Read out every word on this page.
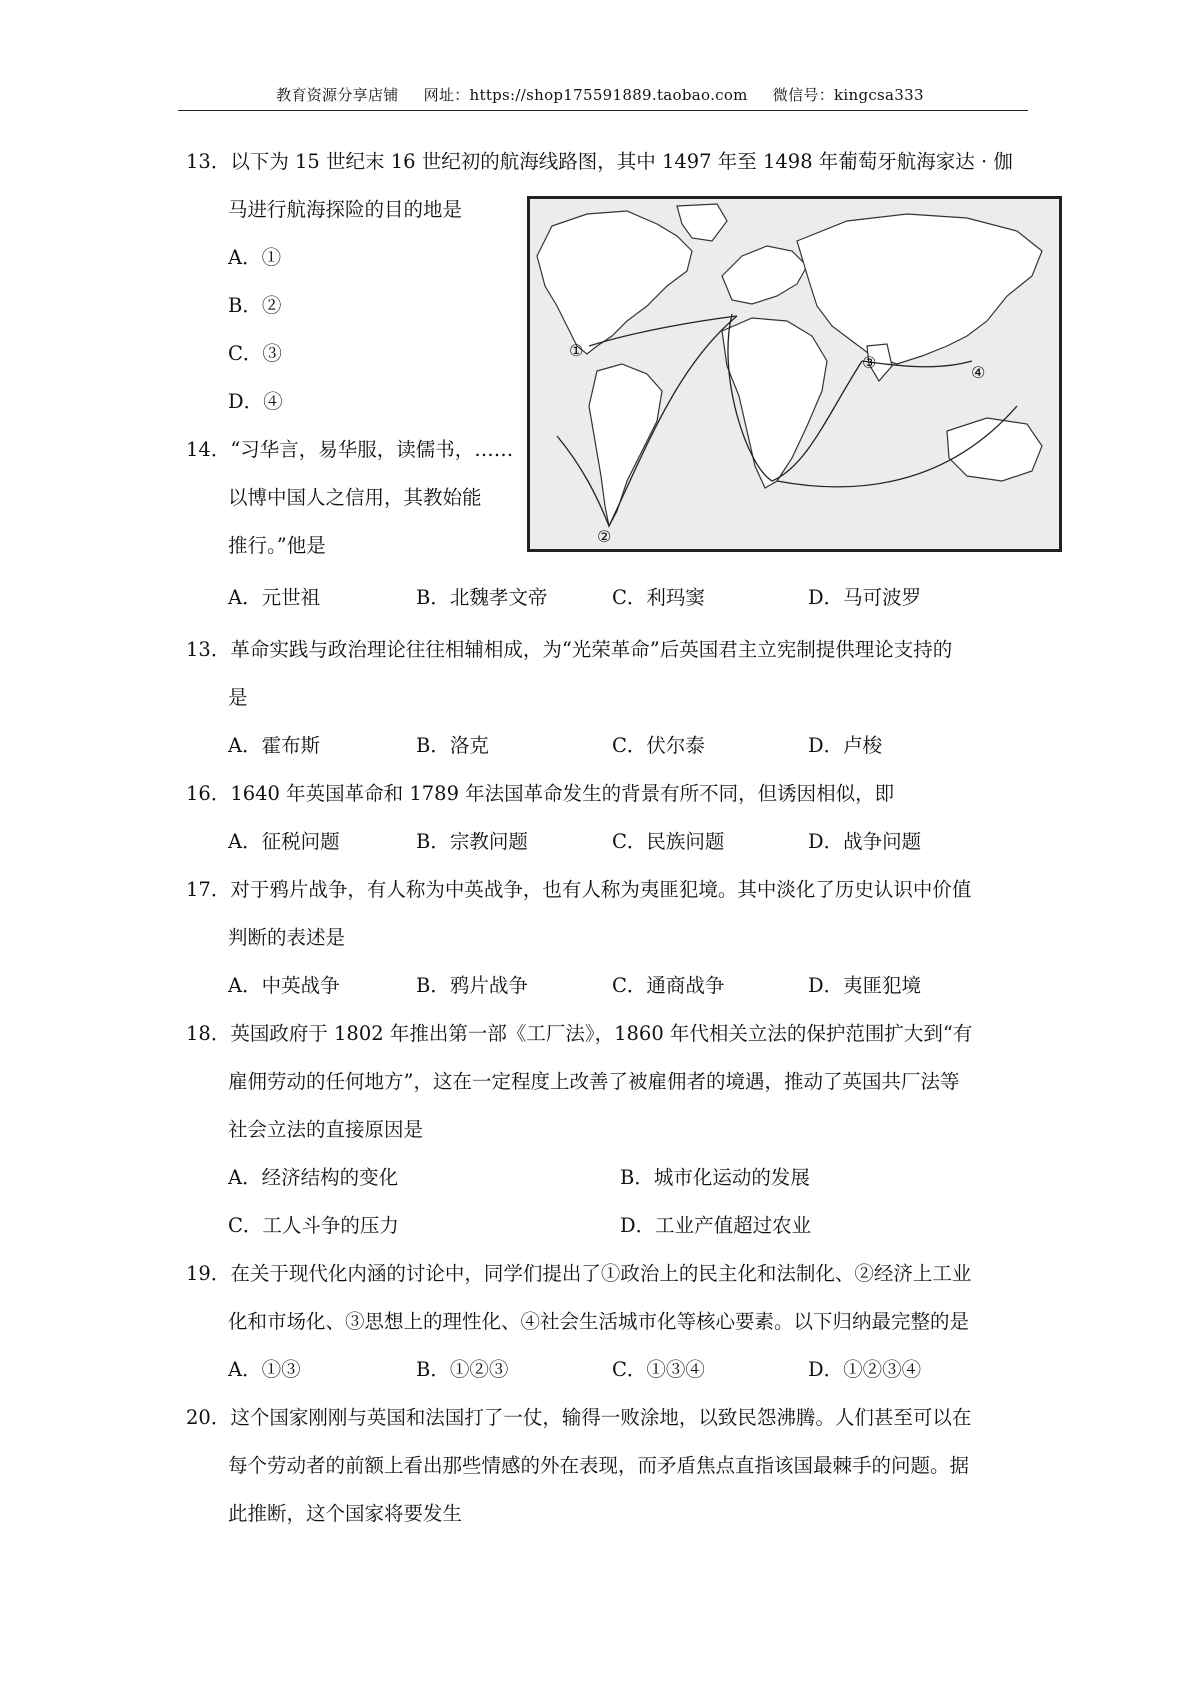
教育资源分享店铺 网址：https://shop175591889.taobao.com 微信号：kingcsa333
13．以下为 15 世纪末 16 世纪初的航海线路图，其中 1497 年至 1498 年葡萄牙航海家达 · 伽
马进行航海探险的目的地是
A．①
B．②
C．③
D．④
①
②
③
④
14．“习华言，易华服，读儒书，……
以博中国人之信用，其教始能
推行。”他是
A．元世祖	B．北魏孝文帝	C．利玛窦	D．马可波罗
13．革命实践与政治理论往往相辅相成，为“光荣革命”后英国君主立宪制提供理论支持的
是
A．霍布斯	B．洛克	C．伏尔泰	D．卢梭
16．1640 年英国革命和 1789 年法国革命发生的背景有所不同，但诱因相似，即
A．征税问题	B．宗教问题	C．民族问题	D．战争问题
17．对于鸦片战争，有人称为中英战争，也有人称为夷匪犯境。其中淡化了历史认识中价值
判断的表述是
A．中英战争	B．鸦片战争	C．通商战争	D．夷匪犯境
18．英国政府于 1802 年推出第一部《工厂法》，1860 年代相关立法的保护范围扩大到“有
雇佣劳动的任何地方”，这在一定程度上改善了被雇佣者的境遇，推动了英国共厂法等
社会立法的直接原因是
A．经济结构的变化	B．城市化运动的发展
C．工人斗争的压力	D．工业产值超过农业
19．在关于现代化内涵的讨论中，同学们提出了①政治上的民主化和法制化、②经济上工业
化和市场化、③思想上的理性化、④社会生活城市化等核心要素。以下归纳最完整的是
A．①③	B．①②③	C．①③④	D．①②③④
20．这个国家刚刚与英国和法国打了一仗，输得一败涂地，以致民怨沸腾。人们甚至可以在
每个劳动者的前额上看出那些情感的外在表现，而矛盾焦点直指该国最棘手的问题。据
此推断，这个国家将要发生
